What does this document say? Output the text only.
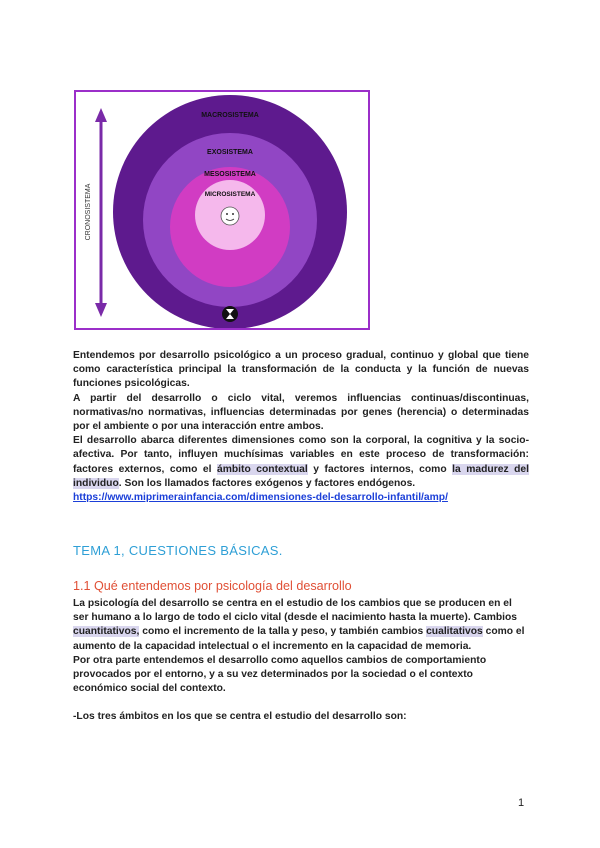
CRONOSISTEMA
MACROSISTEMA
EXOSISTEMA
MESOSISTEMA
MICROSISTEMA

Entendemos por desarrollo psicológico a un proceso gradual, continuo y global que tiene como característica principal la transformación de la conducta y la función de nuevas funciones psicológicas.

A partir del desarrollo o ciclo vital, veremos influencias continuas/discontinuas, normativas/no normativas, influencias determinadas por genes (herencia) o determinadas por el ambiente o por una interacción entre ambos.

El desarrollo abarca diferentes dimensiones como son la corporal, la cognitiva y la socio- afectiva. Por tanto, influyen muchísimas variables en este proceso de transformación: factores externos, como el ámbito contextual y factores internos, como la madurez del individuo. Son los llamados factores exógenos y factores endógenos.

https://www.miprimerainfancia.com/dimensiones-del-desarrollo-infantil/amp/

TEMA 1, CUESTIONES BÁSICAS.
1.1 Qué entendemos por psicología del desarrollo

La psicología del desarrollo se centra en el estudio de los cambios que se producen en el ser humano a lo largo de todo el ciclo vital (desde el nacimiento hasta la muerte). Cambios cuantitativos, como el incremento de la talla y peso, y también cambios cualitativos como el aumento de la capacidad intelectual o el incremento en la capacidad de memoria.

Por otra parte entendemos el desarrollo como aquellos cambios de comportamiento provocados por el entorno, y a su vez determinados por la sociedad o el contexto económico social del contexto.

-Los tres ámbitos en los que se centra el estudio del desarrollo son:

1
